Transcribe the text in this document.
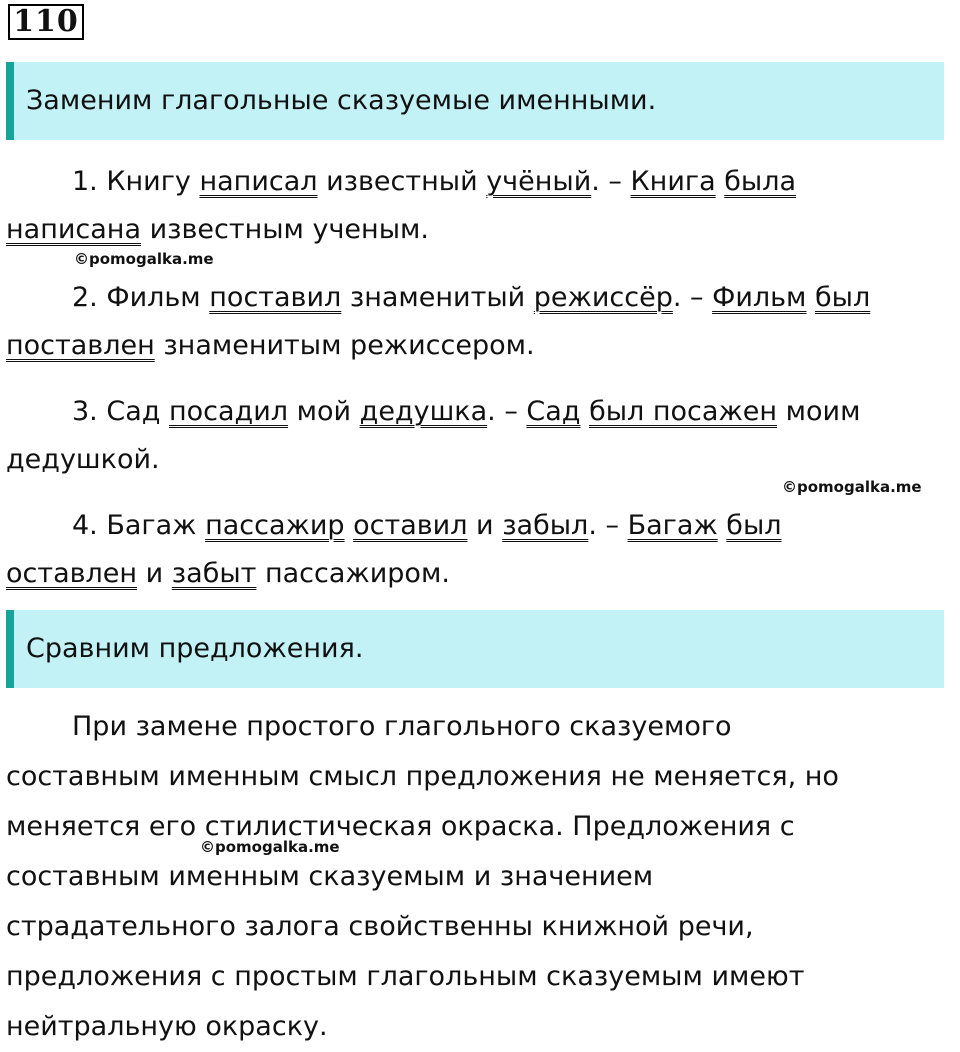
110
Заменим глагольные сказуемые именными.
1. Книгу написал известный учёный. – Книга была
написана известным ученым.
©pomogalka.me
2. Фильм поставил знаменитый режиссёр. – Фильм был
поставлен знаменитым режиссером.
3. Сад посадил мой дедушка. – Сад был посажен моим
дедушкой.
©pomogalka.me
4. Багаж пассажир оставил и забыл. – Багаж был
оставлен и забыт пассажиром.
Сравним предложения.
При замене простого глагольного сказуемого
составным именным смысл предложения не меняется, но
меняется его стилистическая окраска. Предложения с
составным именным сказуемым и значением
страдательного залога свойственны книжной речи,
предложения с простым глагольным сказуемым имеют
нейтральную окраску.
©pomogalka.me
